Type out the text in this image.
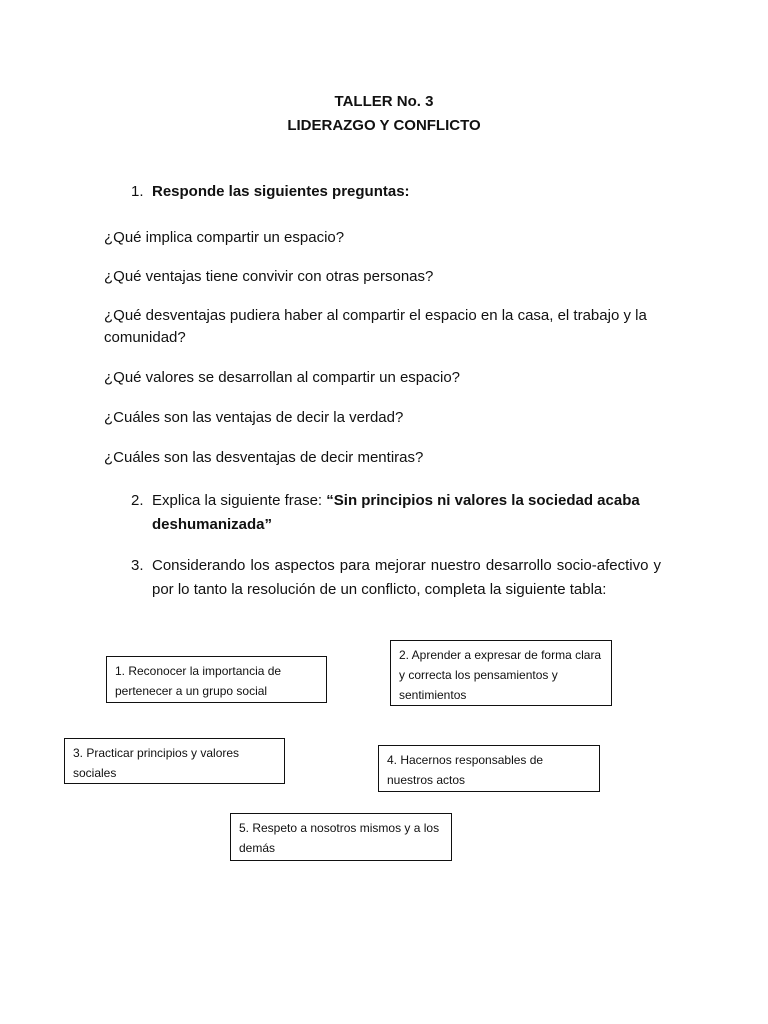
TALLER No. 3
LIDERAZGO Y CONFLICTO
1. Responde las siguientes preguntas:
¿Qué implica compartir un espacio?
¿Qué ventajas tiene convivir con otras personas?
¿Qué desventajas pudiera haber al compartir el espacio en la casa, el trabajo y la comunidad?
¿Qué valores se desarrollan al compartir un espacio?
¿Cuáles son las ventajas de decir la verdad?
¿Cuáles son las desventajas de decir mentiras?
2. Explica la siguiente frase: “Sin principios ni valores la sociedad acaba deshumanizada”
3. Considerando los aspectos para mejorar nuestro desarrollo socio-afectivo y por lo tanto la resolución de un conflicto, completa la siguiente tabla:
1. Reconocer la importancia de pertenecer a un grupo social
2. Aprender a expresar de forma clara y correcta los pensamientos y sentimientos
3. Practicar principios y valores sociales
4. Hacernos responsables de nuestros actos
5. Respeto a nosotros mismos y a los demás
